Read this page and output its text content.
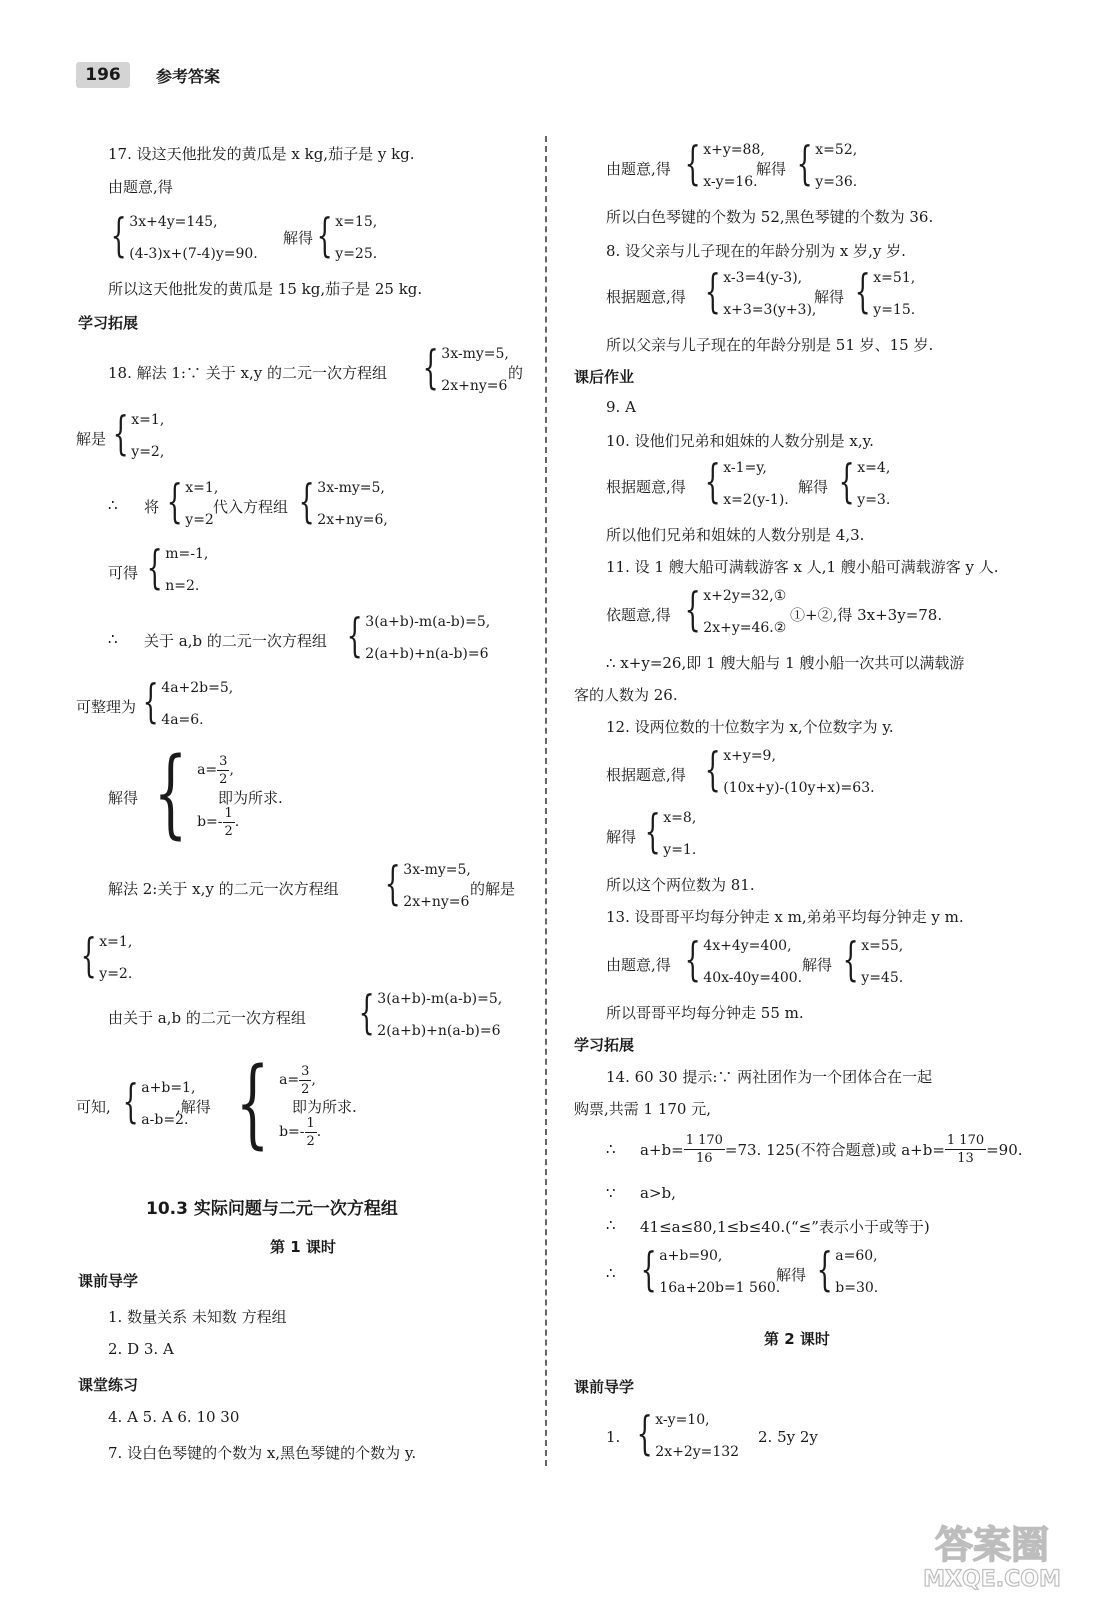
196	参考答案
17. 设这天他批发的黄瓜是 x kg,茄子是 y kg.
由题意,得
{ 3x+4y=145,
(4-3)x+(7-4)y=90.
解得 { x=15,
y=25.
所以这天他批发的黄瓜是 15 kg,茄子是 25 kg.
学习拓展
18. 解法 1:∵ 关于 x,y 的二元一次方程组 { 3x-my=5,
2x+ny=6
的
解是 { x=1,
y=2,
∴ 将 { x=1,
y=2
代入方程组 { 3x-my=5,
2x+ny=6,
可得 { m=-1,
n=2.
∴ 关于 a,b 的二元一次方程组 { 3(a+b)-m(a-b)=5,
2(a+b)+n(a-b)=6
可整理为 { 4a+2b=5,
4a=6.
解得 { $a= \frac{3}{2}$ ,
$b=- \frac{1}{2}$ .
即为所求.
解法 2:关于 x,y 的二元一次方程组 { 3x-my=5,
2x+ny=6
的解是
{ x=1,
y=2.
由关于 a,b 的二元一次方程组 { 3(a+b)-m(a-b)=5,
2(a+b)+n(a-b)=6
可知, { a+b=1,
a-b=2.
,解得 { $a= \frac{3}{2}$ ,
$b=- \frac{1}{2}$ .
即为所求.
10.3 实际问题与二元一次方程组
第 1 课时
课前导学
1. 数量关系 未知数 方程组
2. D 3. A
课堂练习
4. A 5. A 6. 10 30
7. 设白色琴键的个数为 x,黑色琴键的个数为 y.
由题意,得 { x+y=88,
x-y=16.
解得 { x=52,
y=36.
所以白色琴键的个数为 52,黑色琴键的个数为 36.
8. 设父亲与儿子现在的年龄分别为 x 岁,y 岁.
根据题意,得 { x-3=4(y-3),
x+3=3(y+3),
解得 { x=51,
y=15.
所以父亲与儿子现在的年龄分别是 51 岁、15 岁.
课后作业
9. A
10. 设他们兄弟和姐妹的人数分别是 x,y.
根据题意,得 { x-1=y,
x=2(y-1).
解得 { x=4,
y=3.
所以他们兄弟和姐妹的人数分别是 4,3.
11. 设 1 艘大船可满载游客 x 人,1 艘小船可满载游客 y 人.
依题意,得 { x+2y=32,①
2x+y=46.②
①+②,得 3x+3y=78.
∴ x+y=26,即 1 艘大船与 1 艘小船一次共可以满载游
客的人数为 26.
12. 设两位数的十位数字为 x,个位数字为 y.
根据题意,得 { x+y=9,
(10x+y)-(10y+x)=63.
解得 { x=8,
y=1.
所以这个两位数为 81.
13. 设哥哥平均每分钟走 x m,弟弟平均每分钟走 y m.
由题意,得 { 4x+4y=400,
40x-40y=400.
解得 { x=55,
y=45.
所以哥哥平均每分钟走 55 m.
学习拓展
14. 60 30 提示:∵ 两社团作为一个团体合在一起
购票,共需 1 170 元,
∴ $a+b= \frac{1 170}{16} =73$. 125(不符合题意)或 $a+b= \frac{1 170}{13} =90$.
∵ a>b,
∴ 41≤a≤80,1≤b≤40.(“≤”表示小于或等于)
∴ { a+b=90,
16a+20b=1 560.
解得 { a=60,
b=30.
第 2 课时
课前导学
1. { x-y=10,
2x+2y=132
2. 5y 2y
答案圈
MXQE.COM
